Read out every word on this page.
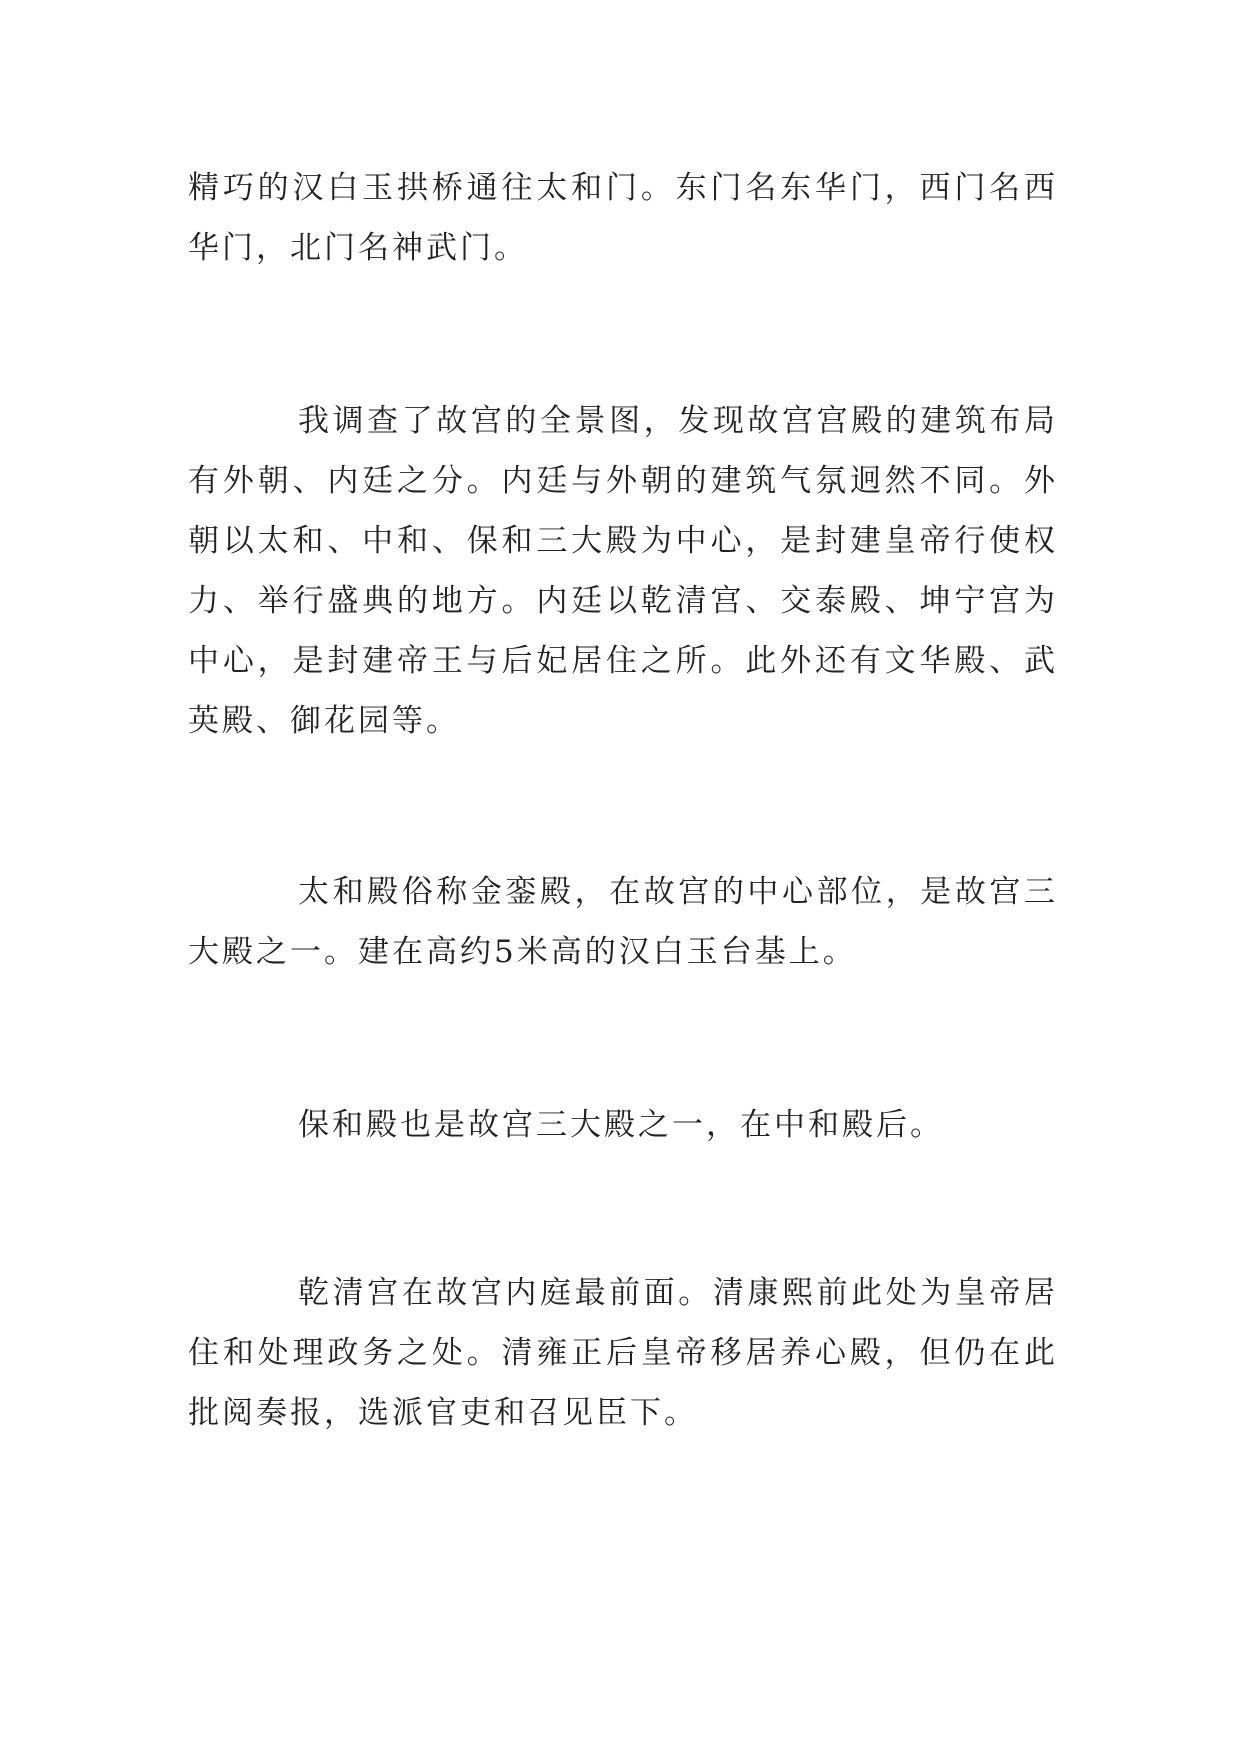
精巧的汉白玉拱桥通往太和门。东门名东华门，西门名西华门，北门名神武门。

我调查了故宫的全景图，发现故宫宫殿的建筑布局有外朝、内廷之分。内廷与外朝的建筑气氛迥然不同。外朝以太和、中和、保和三大殿为中心，是封建皇帝行使权力、举行盛典的地方。内廷以乾清宫、交泰殿、坤宁宫为中心，是封建帝王与后妃居住之所。此外还有文华殿、武英殿、御花园等。

太和殿俗称金銮殿，在故宫的中心部位，是故宫三大殿之一。建在高约5米高的汉白玉台基上。

保和殿也是故宫三大殿之一，在中和殿后。

乾清宫在故宫内庭最前面。清康熙前此处为皇帝居住和处理政务之处。清雍正后皇帝移居养心殿，但仍在此批阅奏报，选派官吏和召见臣下。
